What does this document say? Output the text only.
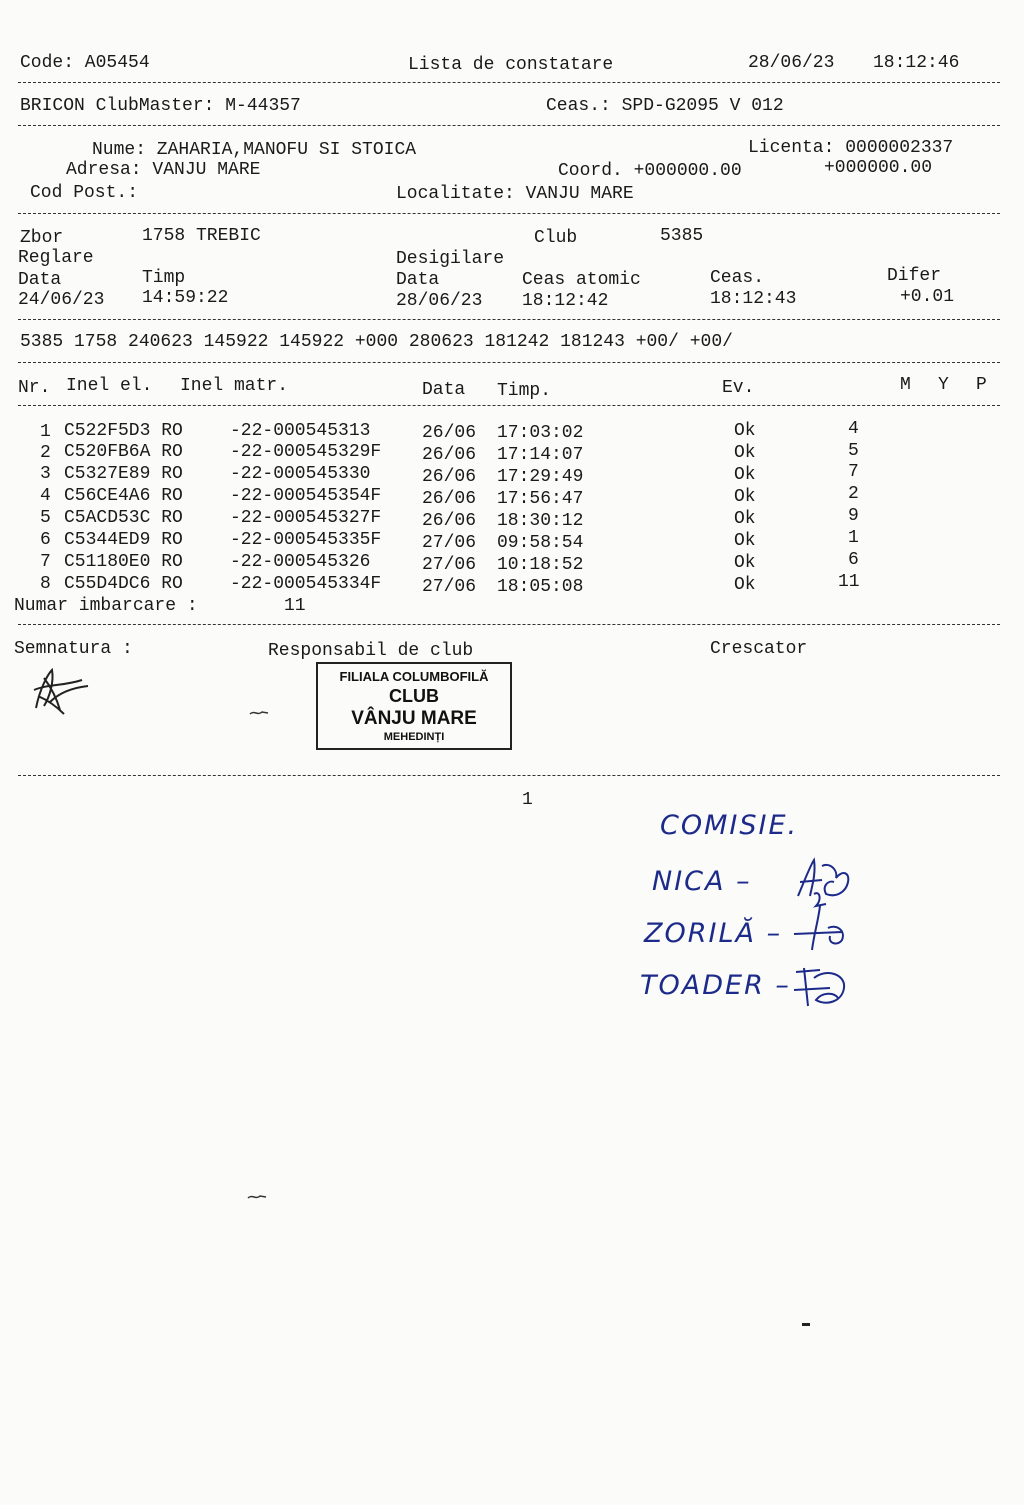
Code: A05454	Lista de constatare	28/06/23 18:12:46
BRICON ClubMaster: M-44357	Ceas.: SPD-G2095 V 012
Nume: ZAHARIA,MANOFU SI STOICA	Licenta: 0000002337
Adresa: VANJU MARE	Coord. +000000.00	+000000.00
Cod Post.:	Localitate: VANJU MARE
Zbor	1758 TREBIC	Club	5385
Reglare	Desigilare
Data	Timp	Data	Ceas atomic	Ceas.	Difer
24/06/23 14:59:22	28/06/23 18:12:42	18:12:43	+0.01
5385 1758 240623 145922 145922 +000 280623 181242 181243 +00/ +00/
Nr. Inel el. Inel matr.	Data Timp.	Ev.	M Y P
1 C522F5D3 RO	-22-000545313	26/06 17:03:02	Ok	4
2 C520FB6A RO	-22-000545329F 26/06 17:14:07	Ok	5
3 C5327E89 RO	-22-000545330	26/06 17:29:49	Ok	7
4 C56CE4A6 RO	-22-000545354F 26/06 17:56:47	Ok	2
5 C5ACD53C RO	-22-000545327F 26/06 18:30:12	Ok	9
6 C5344ED9 RO	-22-000545335F 27/06 09:58:54	Ok	1
7 C51180E0 RO	-22-000545326	27/06 10:18:52	Ok	6
8 C55D4DC6 RO	-22-000545334F 27/06 18:05:08	Ok	11
Numar imbarcare :	11
Semnatura :	Responsabil de club	Crescator
FILIALA COLUMBOFILĂ
CLUB
VÂNJU MARE
MEHEDINȚI
1
COMISIE.
NICA –
ZORILĂ –
TOADER –
